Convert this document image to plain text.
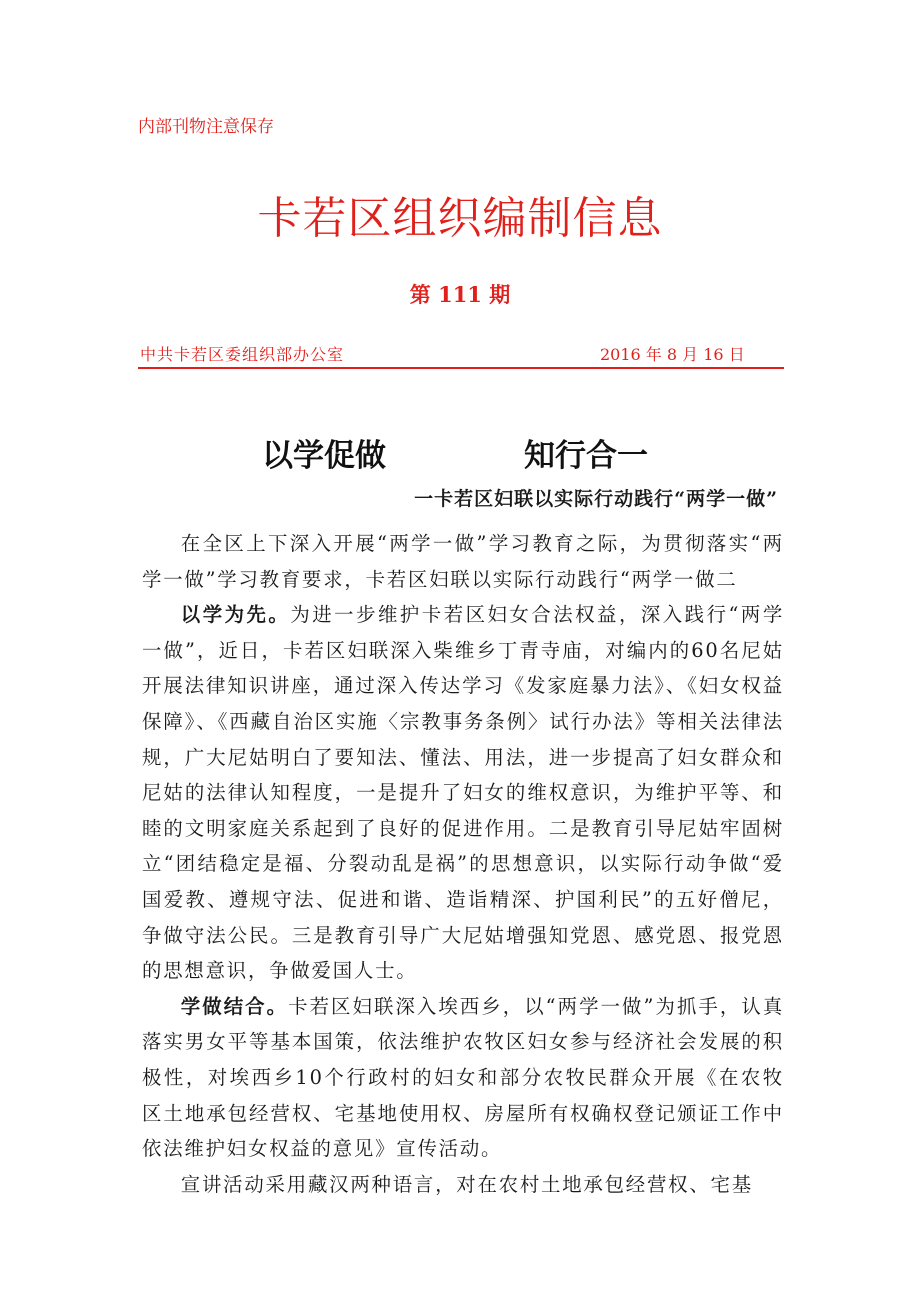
内部刊物注意保存
卡若区组织编制信息
第 111 期
中共卡若区委组织部办公室	2016 年 8 月 16 日
以学促做	知行合一
一卡若区妇联以实际行动践行“两学一做”

在全区上下深入开展“两学一做”学习教育之际，为贯彻落实“两学一做”学习教育要求，卡若区妇联以实际行动践行“两学一做二

以学为先。为进一步维护卡若区妇女合法权益，深入践行“两学一做”，近日，卡若区妇联深入柴维乡丁青寺庙，对编内的60名尼姑开展法律知识讲座，通过深入传达学习《发家庭暴力法》、《妇女权益保障》、《西藏自治区实施〈宗教事务条例〉试行办法》等相关法律法规，广大尼姑明白了要知法、懂法、用法，进一步提高了妇女群众和尼姑的法律认知程度，一是提升了妇女的维权意识，为维护平等、和睦的文明家庭关系起到了良好的促进作用。二是教育引导尼姑牢固树立“团结稳定是福、分裂动乱是祸”的思想意识，以实际行动争做“爱国爱教、遵规守法、促进和谐、造诣精深、护国利民”的五好僧尼，争做守法公民。三是教育引导广大尼姑增强知党恩、感党恩、报党恩的思想意识，争做爱国人士。

学做结合。卡若区妇联深入埃西乡，以“两学一做”为抓手，认真落实男女平等基本国策，依法维护农牧区妇女参与经济社会发展的积极性，对埃西乡10个行政村的妇女和部分农牧民群众开展《在农牧区土地承包经营权、宅基地使用权、房屋所有权确权登记颁证工作中依法维护妇女权益的意见》宣传活动。

宣讲活动采用藏汉两种语言，对在农村土地承包经营权、宅基
